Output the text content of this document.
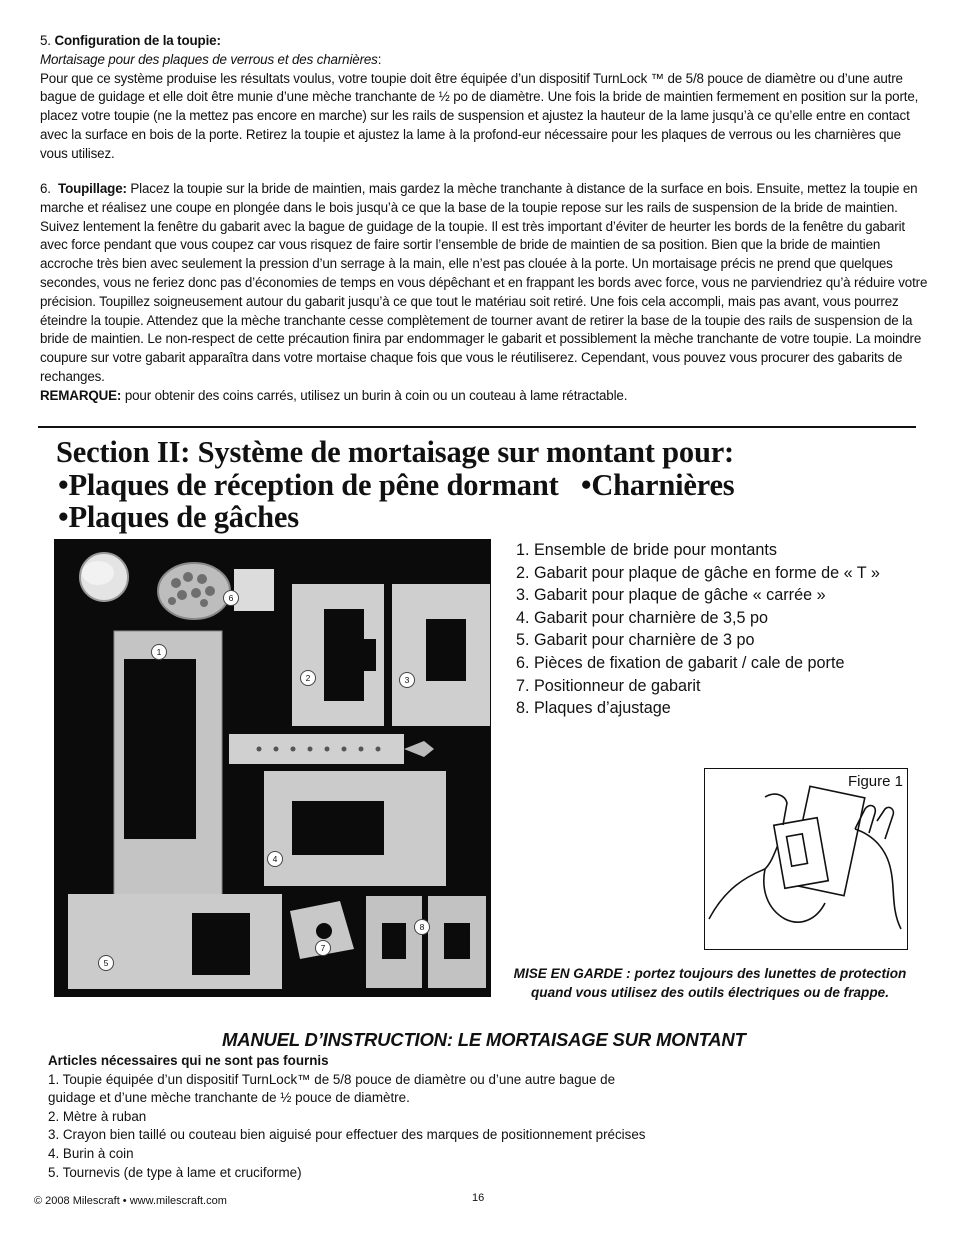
5. Configuration de la toupie:

Mortaisage pour des plaques de verrous et des charnières:

Pour que ce système produise les résultats voulus, votre toupie doit être équipée d’un dispositif TurnLock ™ de 5/8 pouce de diamètre ou d’une autre bague de guidage et elle doit être munie d’une mèche tranchante de ½ po de diamètre. Une fois la bride de maintien fermement en position sur la porte, placez votre toupie (ne la mettez pas encore en marche) sur les rails de suspension et ajustez la hauteur de la lame jusqu’à ce qu’elle entre en contact avec la surface en bois de la porte. Retirez la toupie et ajustez la lame à la profond-eur nécessaire pour les plaques de verrous ou les charnières que vous utilisez.

6. Toupillage: Placez la toupie sur la bride de maintien, mais gardez la mèche tranchante à distance de la surface en bois. Ensuite, mettez la toupie en marche et réalisez une coupe en plongée dans le bois jusqu’à ce que la base de la toupie repose sur les rails de suspension de la bride de maintien. Suivez lentement la fenêtre du gabarit avec la bague de guidage de la toupie. Il est très important d’éviter de heurter les bords de la fenêtre du gabarit avec force pendant que vous coupez car vous risquez de faire sortir l’ensemble de bride de maintien de sa position. Bien que la bride de maintien accroche très bien avec seulement la pression d’un serrage à la main, elle n’est pas clouée à la porte. Un mortaisage précis ne prend que quelques secondes, vous ne feriez donc pas d’économies de temps en vous dépêchant et en frappant les bords avec force, vous ne parviendriez qu’à réduire votre précision. Toupillez soigneusement autour du gabarit jusqu’à ce que tout le matériau soit retiré. Une fois cela accompli, mais pas avant, vous pourrez éteindre la toupie. Attendez que la mèche tranchante cesse complètement de tourner avant de retirer la base de la toupie des rails de suspension de la bride de maintien. Le non-respect de cette précaution finira par endommager le gabarit et possiblement la mèche tranchante de votre toupie. La moindre coupure sur votre gabarit apparaîtra dans votre mortaise chaque fois que vous le réutiliserez. Cependant, vous pouvez vous procurer des gabarits de rechanges.

REMARQUE: pour obtenir des coins carrés, utilisez un burin à coin ou un couteau à lame rétractable.

Section II: Système de mortaisage sur montant pour:
•Plaques de réception de pêne dormant •Charnières
•Plaques de gâches
6
1
2	3
4
8
7
5
1. Ensemble de bride pour montants
2. Gabarit pour plaque de gâche en forme de « T »
3. Gabarit pour plaque de gâche « carrée »
4. Gabarit pour charnière de 3,5 po
5. Gabarit pour charnière de 3 po
6. Pièces de fixation de gabarit / cale de porte
7. Positionneur de gabarit
8. Plaques d’ajustage
Figure 1
MISE EN GARDE : portez toujours des lunettes de protection
quand vous utilisez des outils électriques ou de frappe.
MANUEL D’INSTRUCTION: LE MORTAISAGE SUR MONTANT
Articles nécessaires qui ne sont pas fournis
1. Toupie équipée d’un dispositif TurnLock™ de 5/8 pouce de diamètre ou d’une autre bague de
guidage et d’une mèche tranchante de ½ pouce de diamètre.
2. Mètre à ruban
3. Crayon bien taillé ou couteau bien aiguisé pour effectuer des marques de positionnement précises
4. Burin à coin
5. Tournevis (de type à lame et cruciforme)
© 2008 Milescraft • www.milescraft.com	16
